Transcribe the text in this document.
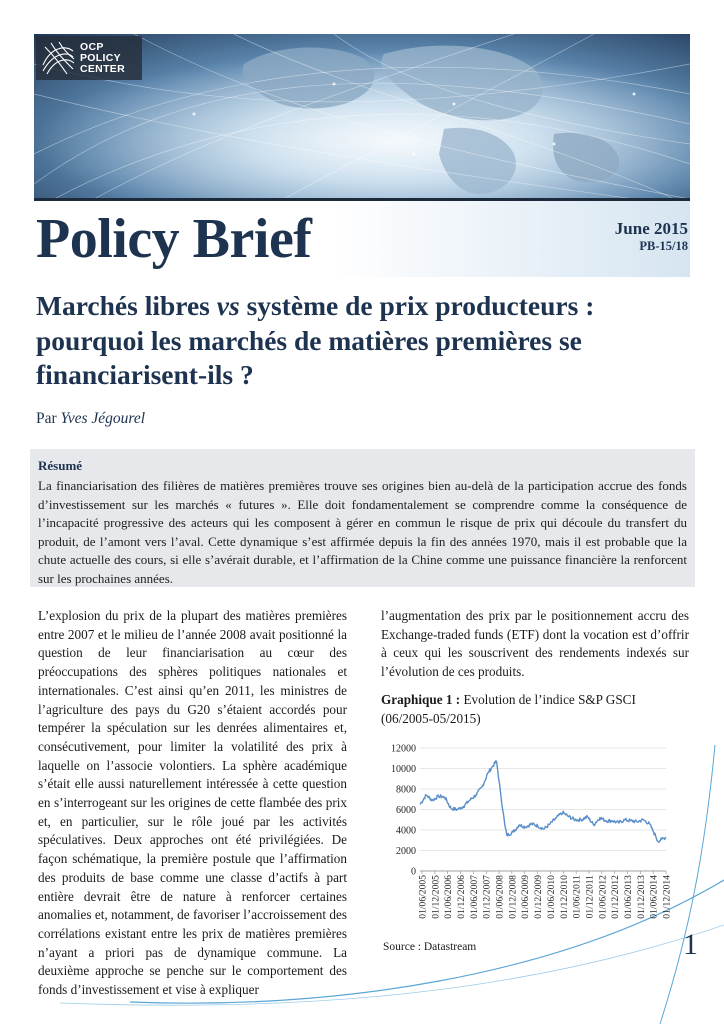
OCP
POLICY
CENTER
Policy Brief	June 2015
PB-15/18
Marchés libres vs système de prix producteurs : pourquoi les marchés de matières premières se financiarisent-ils ?
Par Yves Jégourel
Résumé
La financiarisation des filières de matières premières trouve ses origines bien au-delà de la participation accrue des fonds d’investissement sur les marchés « futures ». Elle doit fondamentalement se comprendre comme la conséquence de l’incapacité progressive des acteurs qui les composent à gérer en commun le risque de prix qui découle du transfert du produit, de l’amont vers l’aval. Cette dynamique s’est affirmée depuis la fin des années 1970, mais il est probable que la chute actuelle des cours, si elle s’avérait durable, et l’affirmation de la Chine comme une puissance financière la renforcent sur les prochaines années.
L’explosion du prix de la plupart des matières premières entre 2007 et le milieu de l’année 2008 avait positionné la question de leur financiarisation au cœur des préoccupations des sphères politiques nationales et internationales. C’est ainsi qu’en 2011, les ministres de l’agriculture des pays du G20 s’étaient accordés pour tempérer la spéculation sur les denrées alimentaires et, consécutivement, pour limiter la volatilité des prix à laquelle on l’associe volontiers. La sphère académique s’était elle aussi naturellement intéressée à cette question en s’interrogeant sur les origines de cette flambée des prix et, en particulier, sur le rôle joué par les activités spéculatives. Deux approches ont été privilégiées. De façon schématique, la première postule que l’affirmation des produits de base comme une classe d’actifs à part entière devrait être de nature à renforcer certaines anomalies et, notamment, de favoriser l’accroissement des corrélations existant entre les prix de matières premières n’ayant a priori pas de dynamique commune. La deuxième approche se penche sur le comportement des fonds d’investissement et vise à expliquer
l’augmentation des prix par le positionnement accru des Exchange-traded funds (ETF) dont la vocation est d’offrir à ceux qui les souscrivent des rendements indexés sur l’évolution de ces produits.
Graphique 1 : Evolution de l’indice S&P GSCI (06/2005-05/2015)
0
2000
4000
6000
8000
10000
12000
01/06/2005 01/12/2005 01/06/2006 01/12/2006 01/06/2007 01/12/2007 01/06/2008 01/12/2008 01/06/2009 01/12/2009 01/06/2010 01/12/2010 01/06/2011 01/12/2011 01/06/2012 01/12/2012 01/06/2013 01/12/2013 01/06/2014 01/12/2014
Source : Datastream	1
